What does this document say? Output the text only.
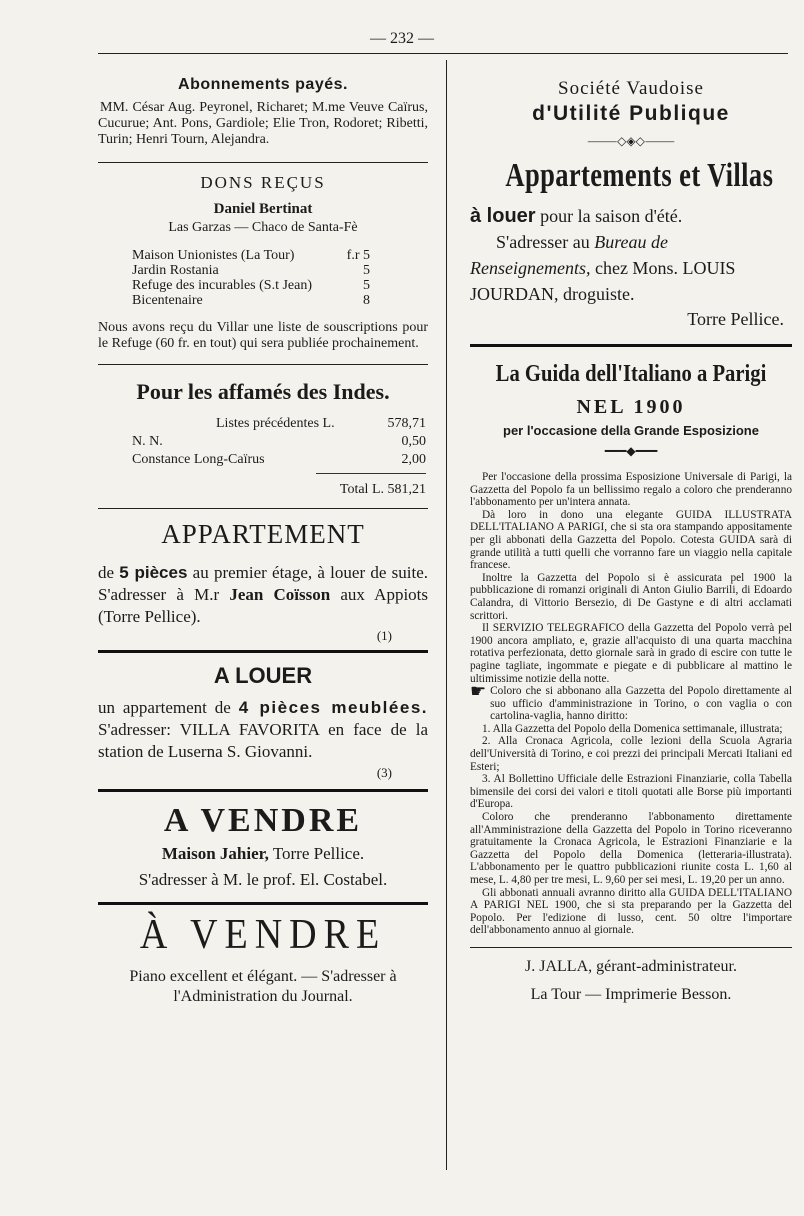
— 232 —
Abonnements payés.
MM. César Aug. Peyronel, Richaret; M.me Veuve Caïrus, Cucurue; Ant. Pons, Gardiole; Elie Tron, Rodoret; Ribetti, Turin; Henri Tourn, Alejandra.
DONS REÇUS
Daniel Bertinat
Las Garzas — Chaco de Santa-Fè
Maison Unionistes (La Tour)	f.r 5
Jardin Rostania	5
Refuge des incurables (S.t Jean)	5
Bicentenaire	8
Nous avons reçu du Villar une liste de souscriptions pour le Refuge (60 fr. en tout) qui sera publiée prochainement.
Pour les affamés des Indes.
Listes précédentes L.	578,71
N. N.	0,50
Constance Long-Caïrus	2,00
Total L. 581,21
APPARTEMENT
de 5 pièces au premier étage, à louer de suite. S'adresser à M.r Jean Coïsson aux Appiots (Torre Pellice).
(1)
A LOUER
un appartement de 4 pièces meublées. S'adresser: VILLA FAVORITA en face de la station de Luserna S. Giovanni.
(3)
A VENDRE
Maison Jahier, Torre Pellice.
S'adresser à M. le prof. El. Costabel.
À VENDRE
Piano excellent et élégant. — S'adresser à l'Administration du Journal.
Société Vaudoise
d'Utilité Publique
⸻◇◈◇⸻
Appartements et Villas
à louer pour la saison d'été.
S'adresser au Bureau de Renseignements, chez Mons. LOUIS JOURDAN, droguiste.
Torre Pellice.
La Guida dell'Italiano a Parigi
NEL 1900
per l'occasione della Grande Esposizione
━━━◆━━━

Per l'occasione della prossima Esposizione Universale di Parigi, la Gazzetta del Popolo fa un bellissimo regalo a coloro che prenderanno l'abbonamento per un'intera annata.

Dà loro in dono una elegante GUIDA ILLUSTRATA DELL'ITALIANO A PARIGI, che si sta ora stampando appositamente per gli abbonati della Gazzetta del Popolo. Cotesta GUIDA sarà di grande utilità a tutti quelli che vorranno fare un viaggio nella capitale francese.

Inoltre la Gazzetta del Popolo si è assicurata pel 1900 la pubblicazione di romanzi originali di Anton Giulio Barrili, di Edoardo Calandra, di Vittorio Bersezio, di De Gastyne e di altri acclamati scrittori.

Il SERVIZIO TELEGRAFICO della Gazzetta del Popolo verrà pel 1900 ancora ampliato, e, grazie all'acquisto di una quarta macchina rotativa perfezionata, detto giornale sarà in grado di escire con tutte le pagine tagliate, ingommate e piegate e di pubblicare al mattino le ultimissime notizie della notte.

☛ Coloro che si abbonano alla Gazzetta del Popolo direttamente al suo ufficio d'amministrazione in Torino, o con vaglia o con cartolina-vaglia, hanno diritto:

1. Alla Gazzetta del Popolo della Domenica settimanale, illustrata;

2. Alla Cronaca Agricola, colle lezioni della Scuola Agraria dell'Università di Torino, e coi prezzi dei principali Mercati Italiani ed Esteri;

3. Al Bollettino Ufficiale delle Estrazioni Finanziarie, colla Tabella bimensile dei corsi dei valori e titoli quotati alle Borse più importanti d'Europa.

Coloro che prenderanno l'abbonamento direttamente all'Amministrazione della Gazzetta del Popolo in Torino riceveranno gratuitamente la Cronaca Agricola, le Estrazioni Finanziarie e la Gazzetta del Popolo della Domenica (letteraria-illustrata). L'abbonamento per le quattro pubblicazioni riunite costa L. 1,60 al mese, L. 4,80 per tre mesi, L. 9,60 per sei mesi, L. 19,20 per un anno.

Gli abbonati annuali avranno diritto alla GUIDA DELL'ITALIANO A PARIGI NEL 1900, che si sta preparando per la Gazzetta del Popolo. Per l'edizione di lusso, cent. 50 oltre l'importare dell'abbonamento annuo al giornale.

J. JALLA, gérant-administrateur.
La Tour — Imprimerie Besson.
